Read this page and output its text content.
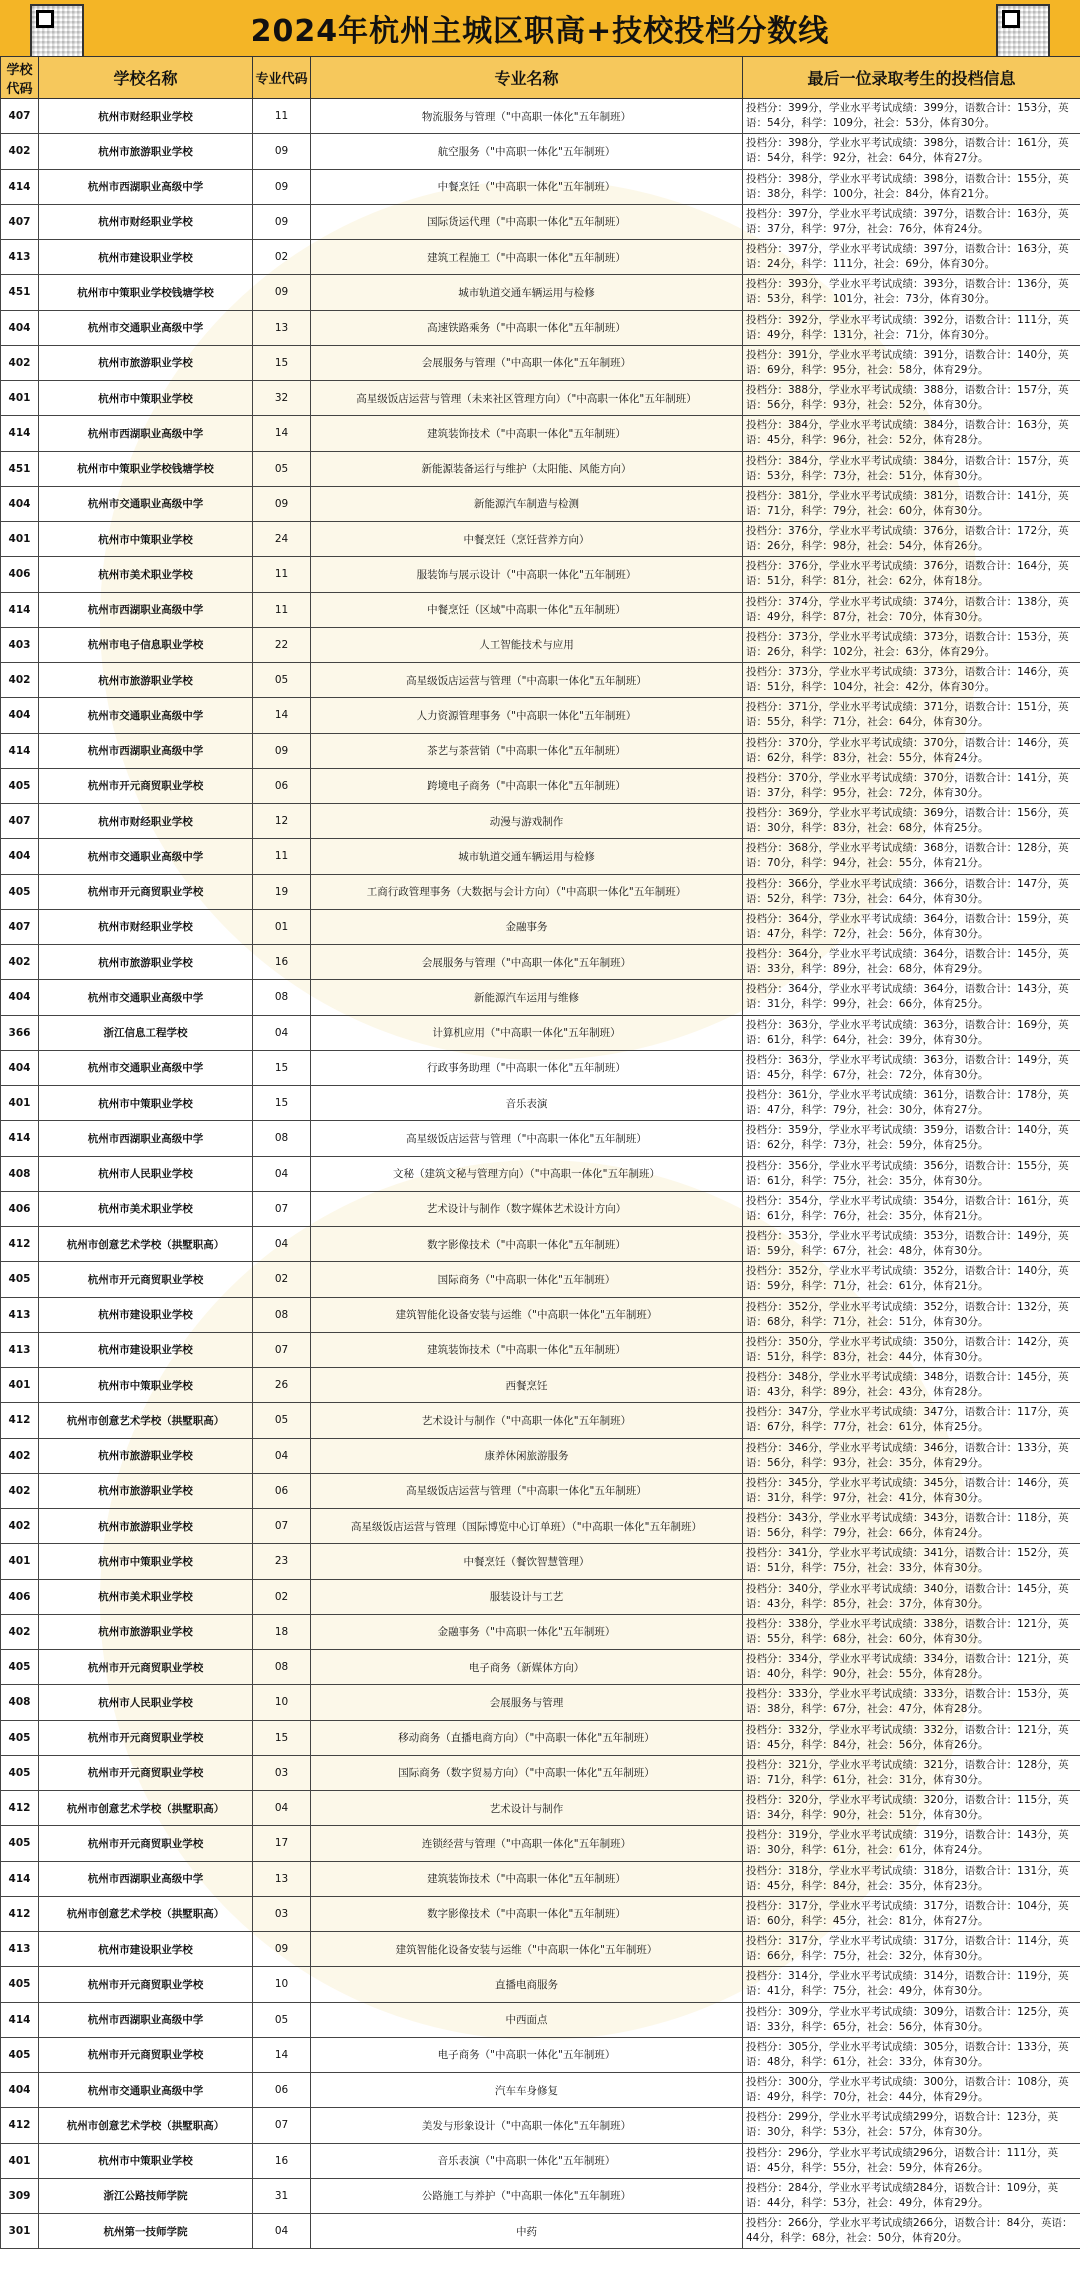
2024年杭州主城区职高+技校投档分数线
学校代码	学校名称	专业代码	专业名称	最后一位录取考生的投档信息
407	杭州市财经职业学校	11	物流服务与管理（"中高职一体化"五年制班）	投档分：399分，学业水平考试成绩：399分，语数合计：153分，英语：54分，科学：109分，社会：53分，体育30分。
402	杭州市旅游职业学校	09	航空服务（"中高职一体化"五年制班）	投档分：398分，学业水平考试成绩：398分，语数合计：161分，英语：54分，科学：92分，社会：64分，体育27分。
414	杭州市西湖职业高级中学	09	中餐烹饪（"中高职一体化"五年制班）	投档分：398分，学业水平考试成绩：398分，语数合计：155分，英语：38分，科学：100分，社会：84分，体育21分。
407	杭州市财经职业学校	09	国际货运代理（"中高职一体化"五年制班）	投档分：397分，学业水平考试成绩：397分，语数合计：163分，英语：37分，科学：97分，社会：76分，体育24分。
413	杭州市建设职业学校	02	建筑工程施工（"中高职一体化"五年制班）	投档分：397分，学业水平考试成绩：397分，语数合计：163分，英语：24分，科学：111分，社会：69分，体育30分。
451	杭州市中策职业学校钱塘学校	09	城市轨道交通车辆运用与检修	投档分：393分，学业水平考试成绩：393分，语数合计：136分，英语：53分，科学：101分，社会：73分，体育30分。
404	杭州市交通职业高级中学	13	高速铁路乘务（"中高职一体化"五年制班）	投档分：392分，学业水平考试成绩：392分，语数合计：111分，英语：49分，科学：131分，社会：71分，体育30分。
402	杭州市旅游职业学校	15	会展服务与管理（"中高职一体化"五年制班）	投档分：391分，学业水平考试成绩：391分，语数合计：140分，英语：69分，科学：95分，社会：58分，体育29分。
401	杭州市中策职业学校	32	高星级饭店运营与管理（未来社区管理方向）（"中高职一体化"五年制班）	投档分：388分，学业水平考试成绩：388分，语数合计：157分，英语：56分，科学：93分，社会：52分，体育30分。
414	杭州市西湖职业高级中学	14	建筑装饰技术（"中高职一体化"五年制班）	投档分：384分，学业水平考试成绩：384分，语数合计：163分，英语：45分，科学：96分，社会：52分，体育28分。
451	杭州市中策职业学校钱塘学校	05	新能源装备运行与维护（太阳能、风能方向）	投档分：384分，学业水平考试成绩：384分，语数合计：157分，英语：53分，科学：73分，社会：51分，体育30分。
404	杭州市交通职业高级中学	09	新能源汽车制造与检测	投档分：381分，学业水平考试成绩：381分，语数合计：141分，英语：71分，科学：79分，社会：60分，体育30分。
401	杭州市中策职业学校	24	中餐烹饪（烹饪营养方向）	投档分：376分，学业水平考试成绩：376分，语数合计：172分，英语：26分，科学：98分，社会：54分，体育26分。
406	杭州市美术职业学校	11	服装饰与展示设计（"中高职一体化"五年制班）	投档分：376分，学业水平考试成绩：376分，语数合计：164分，英语：51分，科学：81分，社会：62分，体育18分。
414	杭州市西湖职业高级中学	11	中餐烹饪（区域"中高职一体化"五年制班）	投档分：374分，学业水平考试成绩：374分，语数合计：138分，英语：49分，科学：87分，社会：70分，体育30分。
403	杭州市电子信息职业学校	22	人工智能技术与应用	投档分：373分，学业水平考试成绩：373分，语数合计：153分，英语：26分，科学：102分，社会：63分，体育29分。
402	杭州市旅游职业学校	05	高星级饭店运营与管理（"中高职一体化"五年制班）	投档分：373分，学业水平考试成绩：373分，语数合计：146分，英语：51分，科学：104分，社会：42分，体育30分。
404	杭州市交通职业高级中学	14	人力资源管理事务（"中高职一体化"五年制班）	投档分：371分，学业水平考试成绩：371分，语数合计：151分，英语：55分，科学：71分，社会：64分，体育30分。
414	杭州市西湖职业高级中学	09	茶艺与茶营销（"中高职一体化"五年制班）	投档分：370分，学业水平考试成绩：370分，语数合计：146分，英语：62分，科学：83分，社会：55分，体育24分。
405	杭州市开元商贸职业学校	06	跨境电子商务（"中高职一体化"五年制班）	投档分：370分，学业水平考试成绩：370分，语数合计：141分，英语：37分，科学：95分，社会：72分，体育30分。
407	杭州市财经职业学校	12	动漫与游戏制作	投档分：369分，学业水平考试成绩：369分，语数合计：156分，英语：30分，科学：83分，社会：68分，体育25分。
404	杭州市交通职业高级中学	11	城市轨道交通车辆运用与检修	投档分：368分，学业水平考试成绩：368分，语数合计：128分，英语：70分，科学：94分，社会：55分，体育21分。
405	杭州市开元商贸职业学校	19	工商行政管理事务（大数据与会计方向）（"中高职一体化"五年制班）	投档分：366分，学业水平考试成绩：366分，语数合计：147分，英语：52分，科学：73分，社会：64分，体育30分。
407	杭州市财经职业学校	01	金融事务	投档分：364分，学业水平考试成绩：364分，语数合计：159分，英语：47分，科学：72分，社会：56分，体育30分。
402	杭州市旅游职业学校	16	会展服务与管理（"中高职一体化"五年制班）	投档分：364分，学业水平考试成绩：364分，语数合计：145分，英语：33分，科学：89分，社会：68分，体育29分。
404	杭州市交通职业高级中学	08	新能源汽车运用与维修	投档分：364分，学业水平考试成绩：364分，语数合计：143分，英语：31分，科学：99分，社会：66分，体育25分。
366	浙江信息工程学校	04	计算机应用（"中高职一体化"五年制班）	投档分：363分，学业水平考试成绩：363分，语数合计：169分，英语：61分，科学：64分，社会：39分，体育30分。
404	杭州市交通职业高级中学	15	行政事务助理（"中高职一体化"五年制班）	投档分：363分，学业水平考试成绩：363分，语数合计：149分，英语：45分，科学：67分，社会：72分，体育30分。
401	杭州市中策职业学校	15	音乐表演	投档分：361分，学业水平考试成绩：361分，语数合计：178分，英语：47分，科学：79分，社会：30分，体育27分。
414	杭州市西湖职业高级中学	08	高星级饭店运营与管理（"中高职一体化"五年制班）	投档分：359分，学业水平考试成绩：359分，语数合计：140分，英语：62分，科学：73分，社会：59分，体育25分。
408	杭州市人民职业学校	04	文秘（建筑文秘与管理方向）（"中高职一体化"五年制班）	投档分：356分，学业水平考试成绩：356分，语数合计：155分，英语：61分，科学：75分，社会：35分，体育30分。
406	杭州市美术职业学校	07	艺术设计与制作（数字媒体艺术设计方向）	投档分：354分，学业水平考试成绩：354分，语数合计：161分，英语：61分，科学：76分，社会：35分，体育21分。
412	杭州市创意艺术学校（拱墅职高）	04	数字影像技术（"中高职一体化"五年制班）	投档分：353分，学业水平考试成绩：353分，语数合计：149分，英语：59分，科学：67分，社会：48分，体育30分。
405	杭州市开元商贸职业学校	02	国际商务（"中高职一体化"五年制班）	投档分：352分，学业水平考试成绩：352分，语数合计：140分，英语：59分，科学：71分，社会：61分，体育21分。
413	杭州市建设职业学校	08	建筑智能化设备安装与运维（"中高职一体化"五年制班）	投档分：352分，学业水平考试成绩：352分，语数合计：132分，英语：68分，科学：71分，社会：51分，体育30分。
413	杭州市建设职业学校	07	建筑装饰技术（"中高职一体化"五年制班）	投档分：350分，学业水平考试成绩：350分，语数合计：142分，英语：51分，科学：83分，社会：44分，体育30分。
401	杭州市中策职业学校	26	西餐烹饪	投档分：348分，学业水平考试成绩：348分，语数合计：145分，英语：43分，科学：89分，社会：43分，体育28分。
412	杭州市创意艺术学校（拱墅职高）	05	艺术设计与制作（"中高职一体化"五年制班）	投档分：347分，学业水平考试成绩：347分，语数合计：117分，英语：67分，科学：77分，社会：61分，体育25分。
402	杭州市旅游职业学校	04	康养休闲旅游服务	投档分：346分，学业水平考试成绩：346分，语数合计：133分，英语：56分，科学：93分，社会：35分，体育29分。
402	杭州市旅游职业学校	06	高星级饭店运营与管理（"中高职一体化"五年制班）	投档分：345分，学业水平考试成绩：345分，语数合计：146分，英语：31分，科学：97分，社会：41分，体育30分。
402	杭州市旅游职业学校	07	高星级饭店运营与管理（国际博览中心订单班）（"中高职一体化"五年制班）	投档分：343分，学业水平考试成绩：343分，语数合计：118分，英语：56分，科学：79分，社会：66分，体育24分。
401	杭州市中策职业学校	23	中餐烹饪（餐饮智慧管理）	投档分：341分，学业水平考试成绩：341分，语数合计：152分，英语：51分，科学：75分，社会：33分，体育30分。
406	杭州市美术职业学校	02	服装设计与工艺	投档分：340分，学业水平考试成绩：340分，语数合计：145分，英语：43分，科学：85分，社会：37分，体育30分。
402	杭州市旅游职业学校	18	金融事务（"中高职一体化"五年制班）	投档分：338分，学业水平考试成绩：338分，语数合计：121分，英语：55分，科学：68分，社会：60分，体育30分。
405	杭州市开元商贸职业学校	08	电子商务（新媒体方向）	投档分：334分，学业水平考试成绩：334分，语数合计：121分，英语：40分，科学：90分，社会：55分，体育28分。
408	杭州市人民职业学校	10	会展服务与管理	投档分：333分，学业水平考试成绩：333分，语数合计：153分，英语：38分，科学：67分，社会：47分，体育28分。
405	杭州市开元商贸职业学校	15	移动商务（直播电商方向）（"中高职一体化"五年制班）	投档分：332分，学业水平考试成绩：332分，语数合计：121分，英语：45分，科学：84分，社会：56分，体育26分。
405	杭州市开元商贸职业学校	03	国际商务（数字贸易方向）（"中高职一体化"五年制班）	投档分：321分，学业水平考试成绩：321分，语数合计：128分，英语：71分，科学：61分，社会：31分，体育30分。
412	杭州市创意艺术学校（拱墅职高）	04	艺术设计与制作	投档分：320分，学业水平考试成绩：320分，语数合计：115分，英语：34分，科学：90分，社会：51分，体育30分。
405	杭州市开元商贸职业学校	17	连锁经营与管理（"中高职一体化"五年制班）	投档分：319分，学业水平考试成绩：319分，语数合计：143分，英语：30分，科学：61分，社会：61分，体育24分。
414	杭州市西湖职业高级中学	13	建筑装饰技术（"中高职一体化"五年制班）	投档分：318分，学业水平考试成绩：318分，语数合计：131分，英语：45分，科学：84分，社会：35分，体育23分。
412	杭州市创意艺术学校（拱墅职高）	03	数字影像技术（"中高职一体化"五年制班）	投档分：317分，学业水平考试成绩：317分，语数合计：104分，英语：60分，科学：45分，社会：81分，体育27分。
413	杭州市建设职业学校	09	建筑智能化设备安装与运维（"中高职一体化"五年制班）	投档分：317分，学业水平考试成绩：317分，语数合计：114分，英语：66分，科学：75分，社会：32分，体育30分。
405	杭州市开元商贸职业学校	10	直播电商服务	投档分：314分，学业水平考试成绩：314分，语数合计：119分，英语：41分，科学：75分，社会：49分，体育30分。
414	杭州市西湖职业高级中学	05	中西面点	投档分：309分，学业水平考试成绩：309分，语数合计：125分，英语：33分，科学：65分，社会：56分，体育30分。
405	杭州市开元商贸职业学校	14	电子商务（"中高职一体化"五年制班）	投档分：305分，学业水平考试成绩：305分，语数合计：133分，英语：48分，科学：61分，社会：33分，体育30分。
404	杭州市交通职业高级中学	06	汽车车身修复	投档分：300分，学业水平考试成绩：300分，语数合计：108分，英语：49分，科学：70分，社会：44分，体育29分。
412	杭州市创意艺术学校（拱墅职高）	07	美发与形象设计（"中高职一体化"五年制班）	投档分：299分，学业水平考试成绩299分，语数合计：123分，英语：30分，科学：53分，社会：57分，体育30分。
401	杭州市中策职业学校	16	音乐表演（"中高职一体化"五年制班）	投档分：296分，学业水平考试成绩296分，语数合计：111分，英语：45分，科学：55分，社会：59分，体育26分。
309	浙江公路技师学院	31	公路施工与养护（"中高职一体化"五年制班）	投档分：284分，学业水平考试成绩284分，语数合计：109分，英语：44分，科学：53分，社会：49分，体育29分。
301	杭州第一技师学院	04	中药	投档分：266分，学业水平考试成绩266分，语数合计：84分，英语：44分，科学：68分，社会：50分，体育20分。
